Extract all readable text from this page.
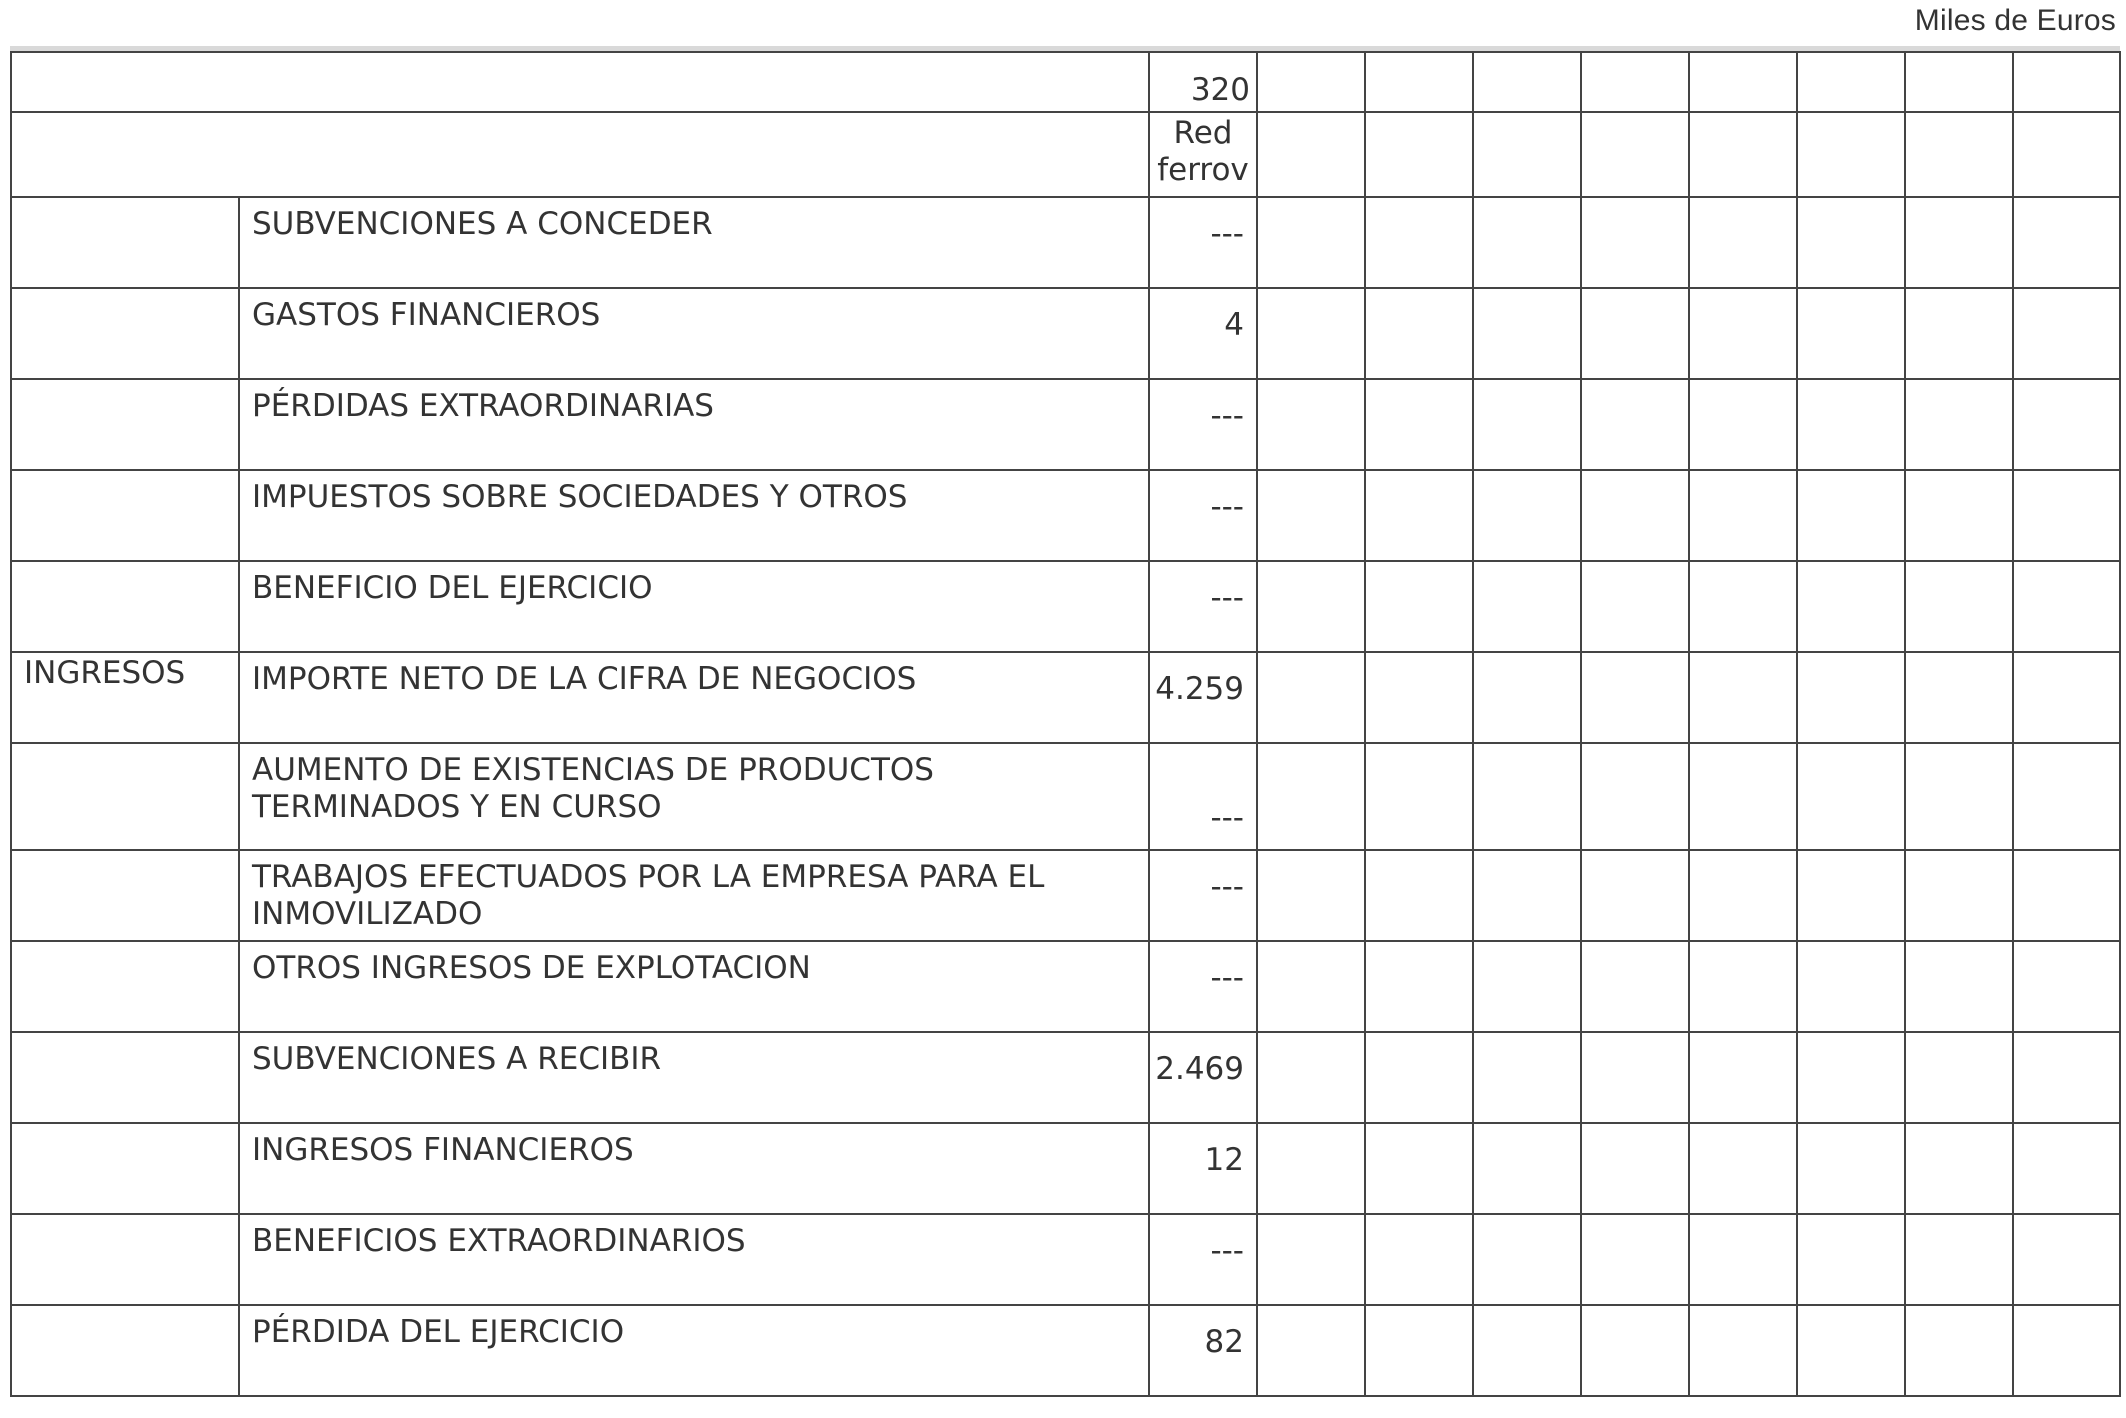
Miles de Euros
		320								
		Red
ferrov								
	SUBVENCIONES A CONCEDER	---								
	GASTOS FINANCIEROS	4								
	PÉRDIDAS EXTRAORDINARIAS	---								
	IMPUESTOS SOBRE SOCIEDADES Y OTROS	---								
	BENEFICIO DEL EJERCICIO	---								
INGRESOS	IMPORTE NETO DE LA CIFRA DE NEGOCIOS	4.259								
	AUMENTO DE EXISTENCIAS DE PRODUCTOS TERMINADOS Y EN CURSO	---								
	TRABAJOS EFECTUADOS POR LA EMPRESA PARA EL INMOVILIZADO	---								
	OTROS INGRESOS DE EXPLOTACION	---								
	SUBVENCIONES A RECIBIR	2.469								
	INGRESOS FINANCIEROS	12								
	BENEFICIOS EXTRAORDINARIOS	---								
	PÉRDIDA DEL EJERCICIO	82								
